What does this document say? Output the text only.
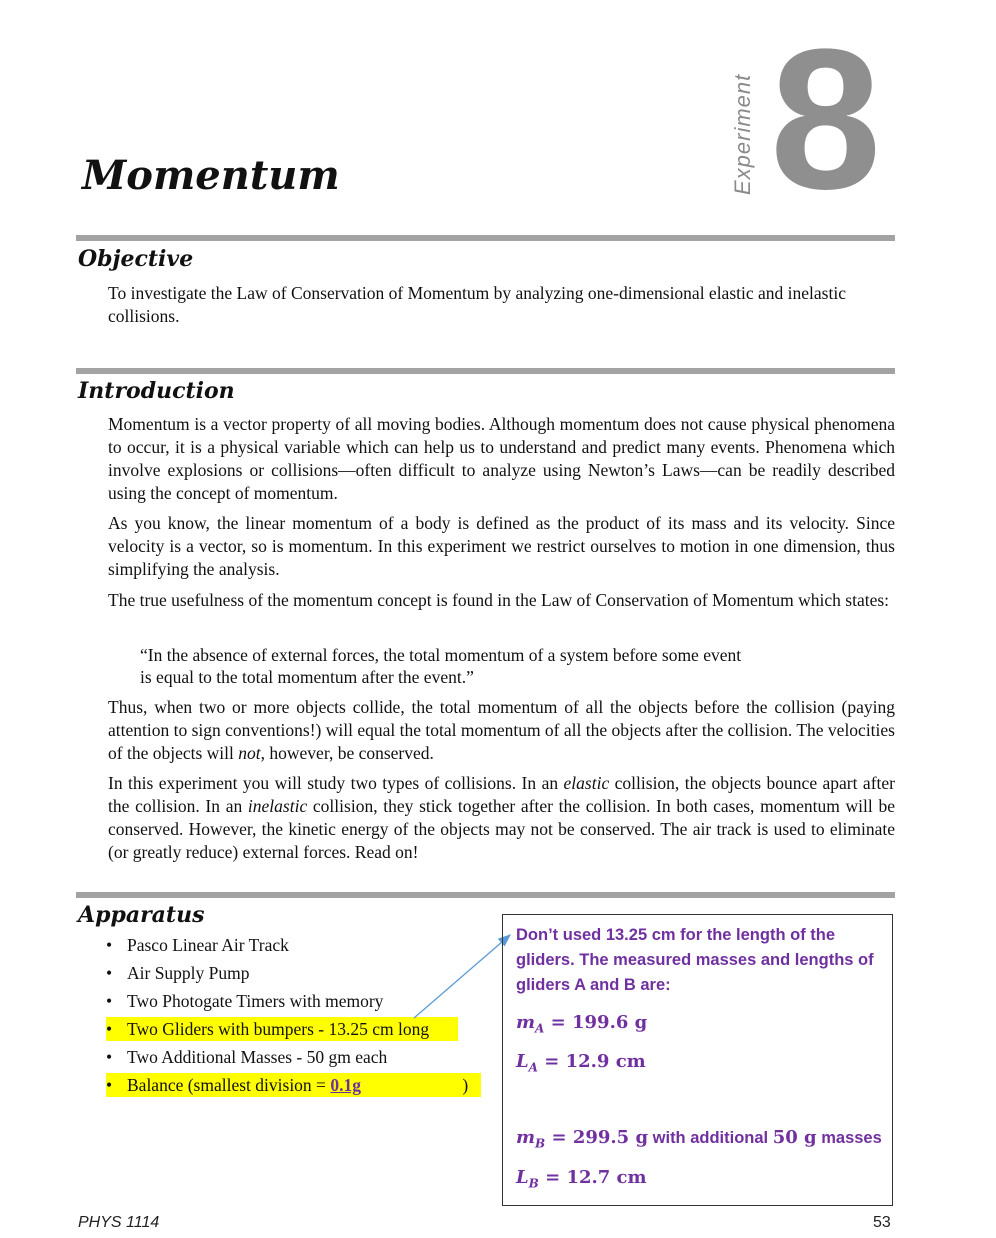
Experiment 8
Momentum
Objective
To investigate the Law of Conservation of Momentum by analyzing one-dimensional elastic and inelastic collisions.
Introduction
Momentum is a vector property of all moving bodies. Although momentum does not cause physical phenomena to occur, it is a physical variable which can help us to understand and predict many events. Phenomena which involve explosions or collisions—often difficult to analyze using Newton’s Laws—can be readily described using the concept of momentum.
As you know, the linear momentum of a body is defined as the product of its mass and its velocity. Since velocity is a vector, so is momentum. In this experiment we restrict ourselves to motion in one dimension, thus simplifying the analysis.
The true usefulness of the momentum concept is found in the Law of Conservation of Momentum which states:
“In the absence of external forces, the total momentum of a system before some event
is equal to the total momentum after the event.”
Thus, when two or more objects collide, the total momentum of all the objects before the collision (paying attention to sign conventions!) will equal the total momentum of all the objects after the collision. The velocities of the objects will not, however, be conserved.
In this experiment you will study two types of collisions. In an elastic collision, the objects bounce apart after the collision. In an inelastic collision, they stick together after the collision. In both cases, momentum will be conserved. However, the kinetic energy of the objects may not be conserved. The air track is used to eliminate (or greatly reduce) external forces. Read on!
Apparatus
• Pasco Linear Air Track
• Air Supply Pump
• Two Photogate Timers with memory
• Two Gliders with bumpers - 13.25 cm long
• Two Additional Masses - 50 gm each
• Balance (smallest division = 0.1g	)
Don’t used 13.25 cm for the length of the gliders. The measured masses and lengths of gliders A and B are:
$m_A = 199.6$ g
$L_A = 12.9$ cm
$m_B = 299.5$ g with additional 50 g masses
$L_B = 12.7$ cm
PHYS 1114	53
